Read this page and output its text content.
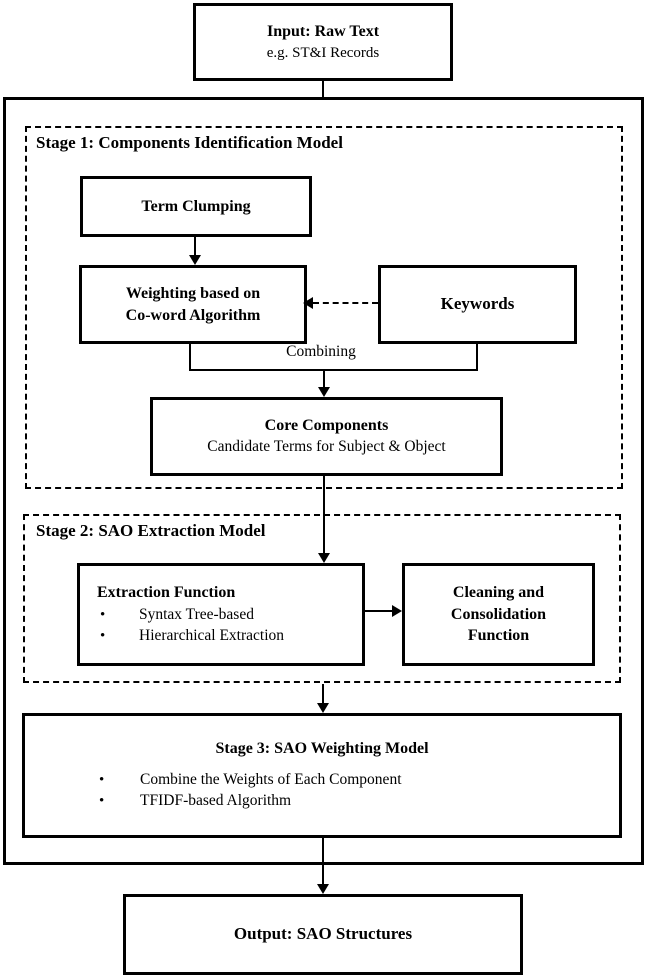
Input: Raw Text
e.g. ST&I Records
Stage 1: Components Identification Model
Term Clumping
Weighting based on
Co-word Algorithm
Keywords
Combining
Core Components
Candidate Terms for Subject & Object
Stage 2: SAO Extraction Model
Extraction Function
•	Syntax Tree-based
•	Hierarchical Extraction
Cleaning and Consolidation Function
Stage 3: SAO Weighting Model
•	Combine the Weights of Each Component
•	TFIDF-based Algorithm
Output: SAO Structures
